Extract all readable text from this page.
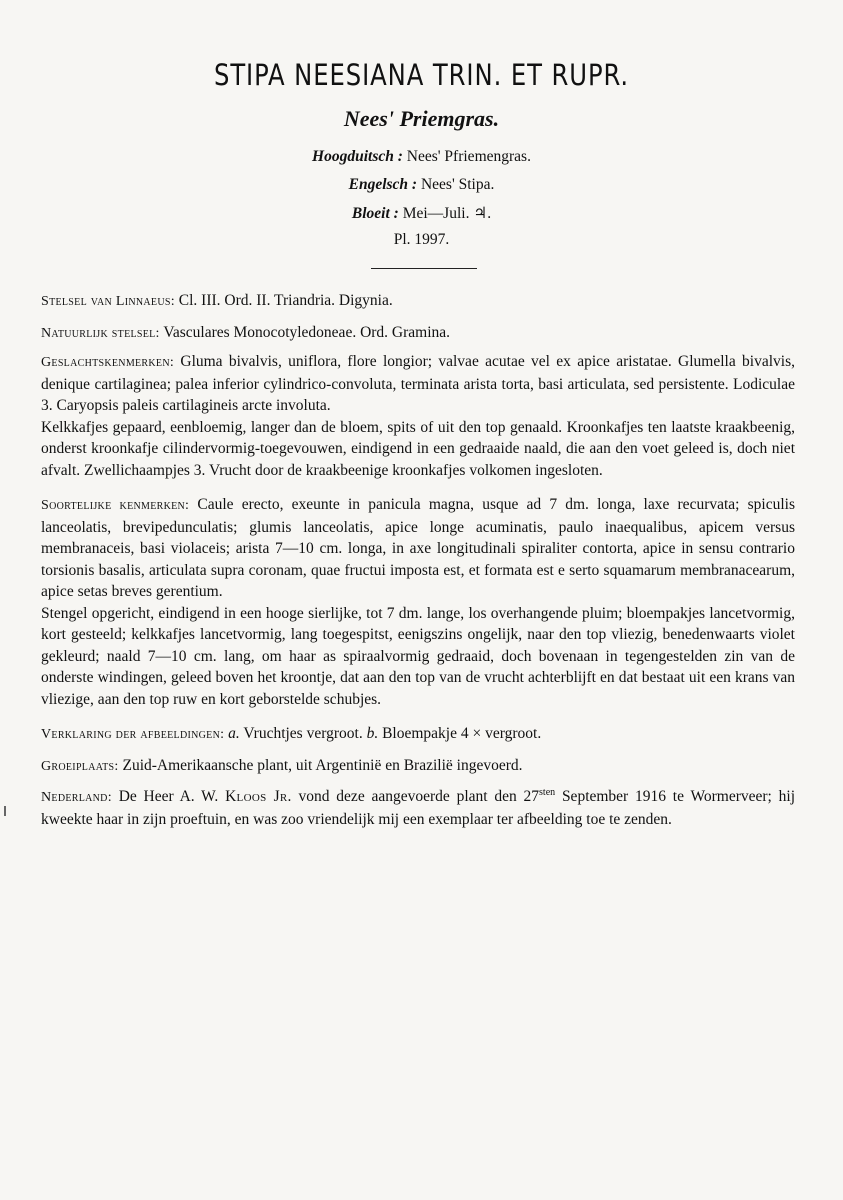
STIPA NEESIANA TRIN. ET RUPR.
Nees' Priemgras.
Hoogduitsch : Nees' Pfriemengras.
Engelsch : Nees' Stipa.
Bloeit : Mei—Juli. ♃.
Pl. 1997.

Stelsel van Linnaeus: Cl. III. Ord. II. Triandria. Digynia.

Natuurlijk stelsel: Vasculares Monocotyledoneae. Ord. Gramina.

Geslachtskenmerken: Gluma bivalvis, uniflora, flore longior; valvae acutae vel ex apice aristatae. Glumella bivalvis, denique cartilaginea; palea inferior cylindrico-convoluta, terminata arista torta, basi articulata, sed persistente. Lodiculae 3. Caryopsis paleis cartilagineis arcte involuta.

Kelkkafjes gepaard, eenbloemig, langer dan de bloem, spits of uit den top genaald. Kroonkafjes ten laatste kraakbeenig, onderst kroonkafje cilindervormig-toegevouwen, eindigend in een gedraaide naald, die aan den voet geleed is, doch niet afvalt. Zwellichaampjes 3. Vrucht door de kraakbeenige kroonkafjes volkomen ingesloten.

Soortelijke kenmerken: Caule erecto, exeunte in panicula magna, usque ad 7 dm. longa, laxe recurvata; spiculis lanceolatis, brevipedunculatis; glumis lanceolatis, apice longe acuminatis, paulo inaequalibus, apicem versus membranaceis, basi violaceis; arista 7—10 cm. longa, in axe longitudinali spiraliter contorta, apice in sensu contrario torsionis basalis, articulata supra coronam, quae fructui imposta est, et formata est e serto squamarum membranacearum, apice setas breves gerentium.

Stengel opgericht, eindigend in een hooge sierlijke, tot 7 dm. lange, los overhangende pluim; bloempakjes lancetvormig, kort gesteeld; kelkkafjes lancetvormig, lang toegespitst, eenigszins ongelijk, naar den top vliezig, benedenwaarts violet gekleurd; naald 7—10 cm. lang, om haar as spiraalvormig gedraaid, doch bovenaan in tegengestelden zin van de onderste windingen, geleed boven het kroontje, dat aan den top van de vrucht achterblijft en dat bestaat uit een krans van vliezige, aan den top ruw en kort geborstelde schubjes.

Verklaring der afbeeldingen: a. Vruchtjes vergroot. b. Bloempakje 4 × vergroot.

Groeiplaats: Zuid-Amerikaansche plant, uit Argentinië en Brazilië ingevoerd.

Nederland: De Heer A. W. Kloos Jr. vond deze aangevoerde plant den $27^{sten}$ September 1916 te Wormerveer; hij kweekte haar in zijn proeftuin, en was zoo vriendelijk mij een exemplaar ter afbeelding toe te zenden.
